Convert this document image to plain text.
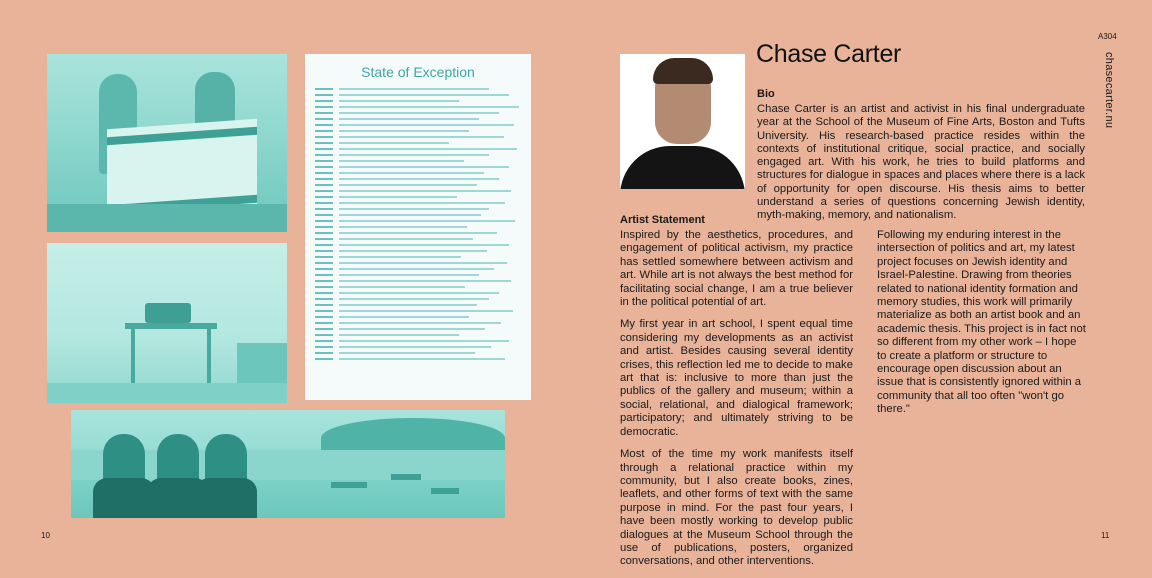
State of Exception
10
A304
chasecarter.nu
Chase Carter
Bio
Chase Carter is an artist and activist in his final undergraduate year at the School of the Museum of Fine Arts, Boston and Tufts University. His research-based practice resides within the contexts of institutional critique, social practice, and socially engaged art. With his work, he tries to build platforms and structures for dialogue in spaces and places where there is a lack of opportunity for open discourse. His thesis aims to better understand a series of questions concerning Jewish identity, myth-making, memory, and nationalism.
Artist Statement

Inspired by the aesthetics, procedures, and engagement of political activism, my practice has settled somewhere between activism and art. While art is not always the best method for facilitating social change, I am a true believer in the political potential of art.

My first year in art school, I spent equal time considering my developments as an activist and artist. Besides causing several identity crises, this reflection led me to decide to make art that is: inclusive to more than just the publics of the gallery and museum; within a social, relational, and dialogical framework; participatory; and ultimately striving to be democratic.

Most of the time my work manifests itself through a relational practice within my community, but I also create books, zines, leaflets, and other forms of text with the same purpose in mind. For the past four years, I have been mostly working to develop public dialogues at the Museum School through the use of publications, posters, organized conversations, and other interventions.

Following my enduring interest in the intersection of politics and art, my latest project focuses on Jewish identity and Israel-Palestine. Drawing from theories related to national identity formation and memory studies, this work will primarily materialize as both an artist book and an academic thesis. This project is in fact not so different from my other work – I hope to create a platform or structure to encourage open discussion about an issue that is consistently ignored within a community that all too often "won't go there."

11
